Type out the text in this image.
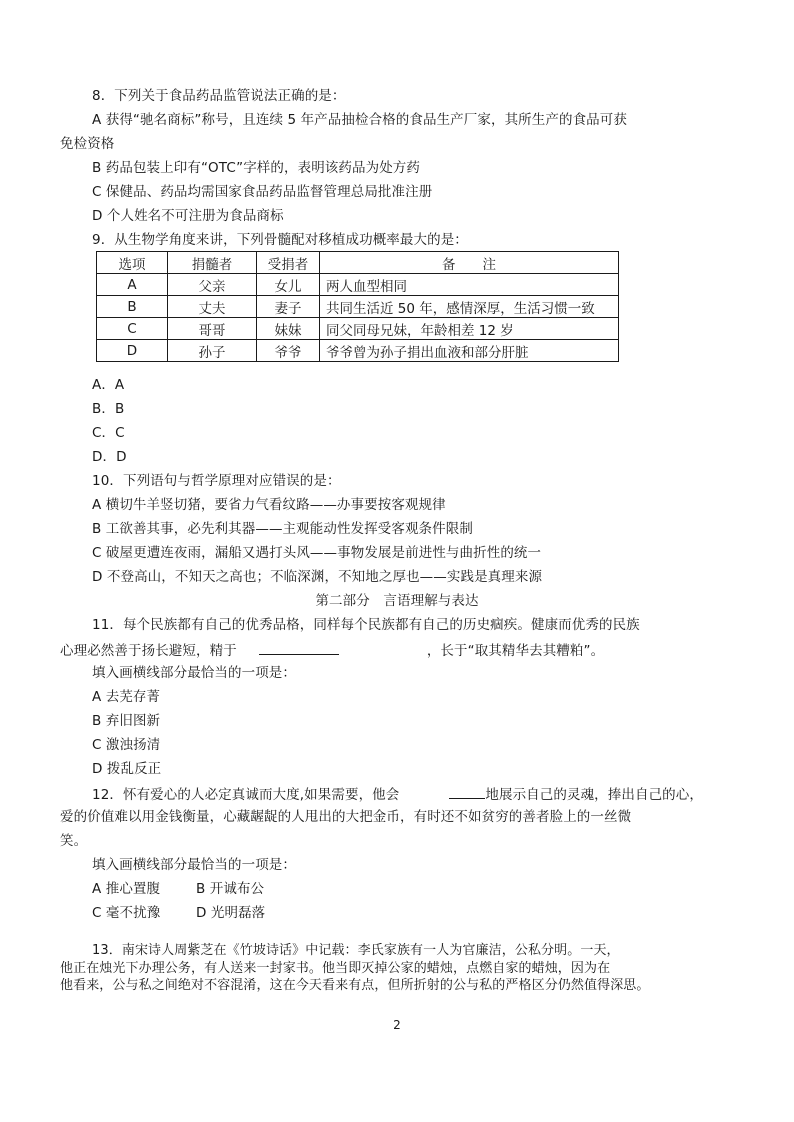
8．下列关于食品药品监管说法正确的是：
A 获得“驰名商标”称号，且连续 5 年产品抽检合格的食品生产厂家，其所生产的食品可获
免检资格
B 药品包装上印有“OTC”字样的，表明该药品为处方药
C 保健品、药品均需国家食品药品监督管理总局批准注册
D 个人姓名不可注册为食品商标
9．从生物学角度来讲，下列骨髓配对移植成功概率最大的是：
选项	捐髓者	受捐者	备　　注
A	父亲	女儿	两人血型相同
B	丈夫	妻子	共同生活近 50 年，感情深厚，生活习惯一致
C	哥哥	妹妹	同父同母兄妹，年龄相差 12 岁
D	孙子	爷爷	爷爷曾为孙子捐出血液和部分肝脏
A．A
B．B
C．C
D．D
10．下列语句与哲学原理对应错误的是：
A 横切牛羊竖切猪，要省力气看纹路——办事要按客观规律
B 工欲善其事，必先利其器——主观能动性发挥受客观条件限制
C 破屋更遭连夜雨，漏船又遇打头风——事物发展是前进性与曲折性的统一
D 不登高山，不知天之高也；不临深渊，不知地之厚也——实践是真理来源
第二部分　言语理解与表达
11．每个民族都有自己的优秀品格，同样每个民族都有自己的历史痼疾。健康而优秀的民族
心理必然善于扬长避短，精于	，长于“取其精华去其糟粕”。
填入画横线部分最恰当的一项是：
A 去芜存菁
B 弃旧图新
C 激浊扬清
D 拨乱反正
12．怀有爱心的人必定真诚而大度,如果需要，他会	地展示自己的灵魂，捧出自己的心，
爱的价值难以用金钱衡量，心藏龌龊的人甩出的大把金币，有时还不如贫穷的善者脸上的一丝微
笑。
填入画横线部分最恰当的一项是：
A 推心置腹	B 开诚布公
C 毫不扰豫	D 光明磊落
13．南宋诗人周紫芝在《竹坡诗话》中记载：李氏家族有一人为官廉洁，公私分明。一天，
他正在烛光下办理公务，有人送来一封家书。他当即灭掉公家的蜡烛，点燃自家的蜡烛，因为在
他看来，公与私之间绝对不容混淆，这在今天看来有点，但所折射的公与私的严格区分仍然值得深思。
2
